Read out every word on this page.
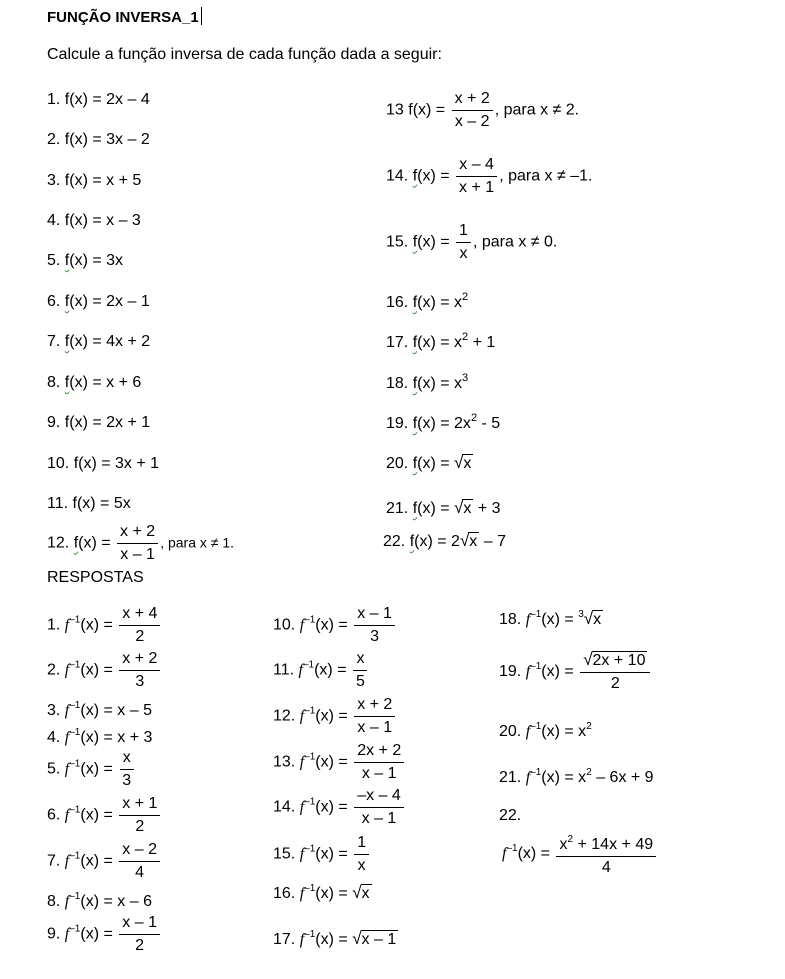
FUNÇÃO INVERSA_1
Calcule a função inversa de cada função dada a seguir:
1. f(x) = 2x – 4
2. f(x) = 3x – 2
3. f(x) = x + 5
4. f(x) = x – 3
5. f(x) = 3x
6. f(x) = 2x – 1
7. f(x) = 4x + 2
8. f(x) = x + 6
9. f(x) = 2x + 1
10. f(x) = 3x + 1
11. f(x) = 5x
12. $f(x) = \frac{x + 2}{x - 1}$ , para x ≠ 1.
13 $f(x) = \frac{x + 2}{x - 2}$ , para x ≠ 2.
14. $f(x) = \frac{x - 4}{x + 1}$ , para x ≠ –1.
15. $f(x) = \frac{1}{x}$ , para x ≠ 0.
16. $f(x) = x^2$
17. $f(x) = x^2 + 1$
18. $f(x) = x^3$
19. $f(x) = 2x^2 - 5$
20. f(x) = √x
21. f(x) = √x + 3
22. f(x) = 2√x – 7
RESPOSTAS
1. $f^{-1}(x) = \frac{x + 4}{2}$
2. $f^{-1}(x) = \frac{x + 2}{3}$
3. $f^{-1}(x) = x - 5$
4. $f^{-1}(x) = x + 3$
5. $f^{-1}(x) = \frac{x}{3}$
6. $f^{-1}(x) = \frac{x + 1}{2}$
7. $f^{-1}(x) = \frac{x - 2}{4}$
8. $f^{-1}(x) = x - 6$
9. $f^{-1}(x) = \frac{x - 1}{2}$
10. $f^{-1}(x) = \frac{x - 1}{3}$
11. $f^{-1}(x) = \frac{x}{5}$
12. $f^{-1}(x) = \frac{x + 2}{x - 1}$
13. $f^{-1}(x) = \frac{2x + 2}{x - 1}$
14. $f^{-1}(x) = \frac{-x - 4}{x - 1}$
15. $f^{-1}(x) = \frac{1}{x}$
16. $f^{-1}(x) = √x$
17. $f^{-1}(x) = √x - 1$
18. $f^{-1}(x) = ^3√x$
19. $f^{-1}(x) = \frac{√2x + 10}{2}$
20. $f^{-1}(x) = x^2$
21. $f^{-1}(x) = x^2 - 6x + 9$
22.
$f^{-1}(x) = \frac{x^2 + 14x + 49}{4}$
